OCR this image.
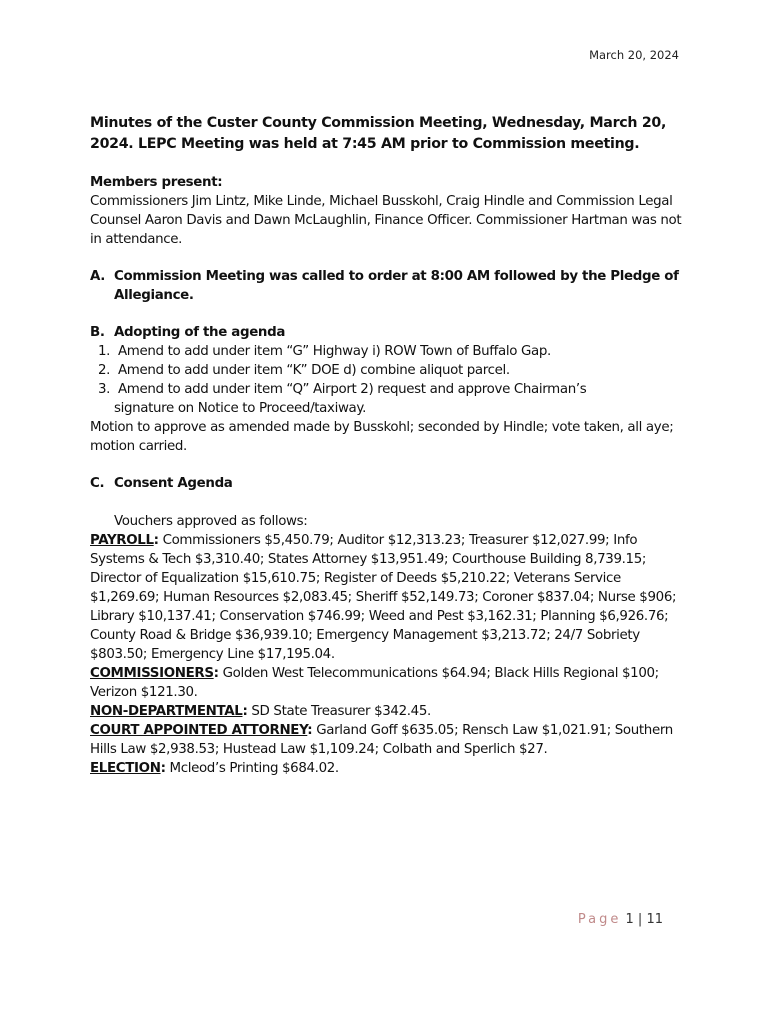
March 20, 2024

Minutes of the Custer County Commission Meeting, Wednesday, March 20, 2024. LEPC Meeting was held at 7:45 AM prior to Commission meeting.

Members present:

Commissioners Jim Lintz, Mike Linde, Michael Busskohl, Craig Hindle and Commission Legal Counsel Aaron Davis and Dawn McLaughlin, Finance Officer. Commissioner Hartman was not in attendance.

A. Commission Meeting was called to order at 8:00 AM followed by the Pledge of Allegiance.
B. Adopting of the agenda
1. Amend to add under item “G” Highway i) ROW Town of Buffalo Gap.
2. Amend to add under item “K” DOE d) combine aliquot parcel.
3. Amend to add under item “Q” Airport 2) request and approve Chairman’s

signature on Notice to Proceed/taxiway.

Motion to approve as amended made by Busskohl; seconded by Hindle; vote taken, all aye; motion carried.

C. Consent Agenda

Vouchers approved as follows:

PAYROLL: Commissioners $5,450.79; Auditor $12,313.23; Treasurer $12,027.99; Info Systems & Tech $3,310.40; States Attorney $13,951.49; Courthouse Building 8,739.15; Director of Equalization $15,610.75; Register of Deeds $5,210.22; Veterans Service $1,269.69; Human Resources $2,083.45; Sheriff $52,149.73; Coroner $837.04; Nurse $906; Library $10,137.41; Conservation $746.99; Weed and Pest $3,162.31; Planning $6,926.76; County Road & Bridge $36,939.10; Emergency Management $3,213.72; 24/7 Sobriety $803.50; Emergency Line $17,195.04.

COMMISSIONERS: Golden West Telecommunications $64.94; Black Hills Regional $100; Verizon $121.30.

NON-DEPARTMENTAL: SD State Treasurer $342.45.

COURT APPOINTED ATTORNEY: Garland Goff $635.05; Rensch Law $1,021.91; Southern Hills Law $2,938.53; Hustead Law $1,109.24; Colbath and Sperlich $27.

ELECTION: Mcleod’s Printing $684.02.

Page 1 | 11
